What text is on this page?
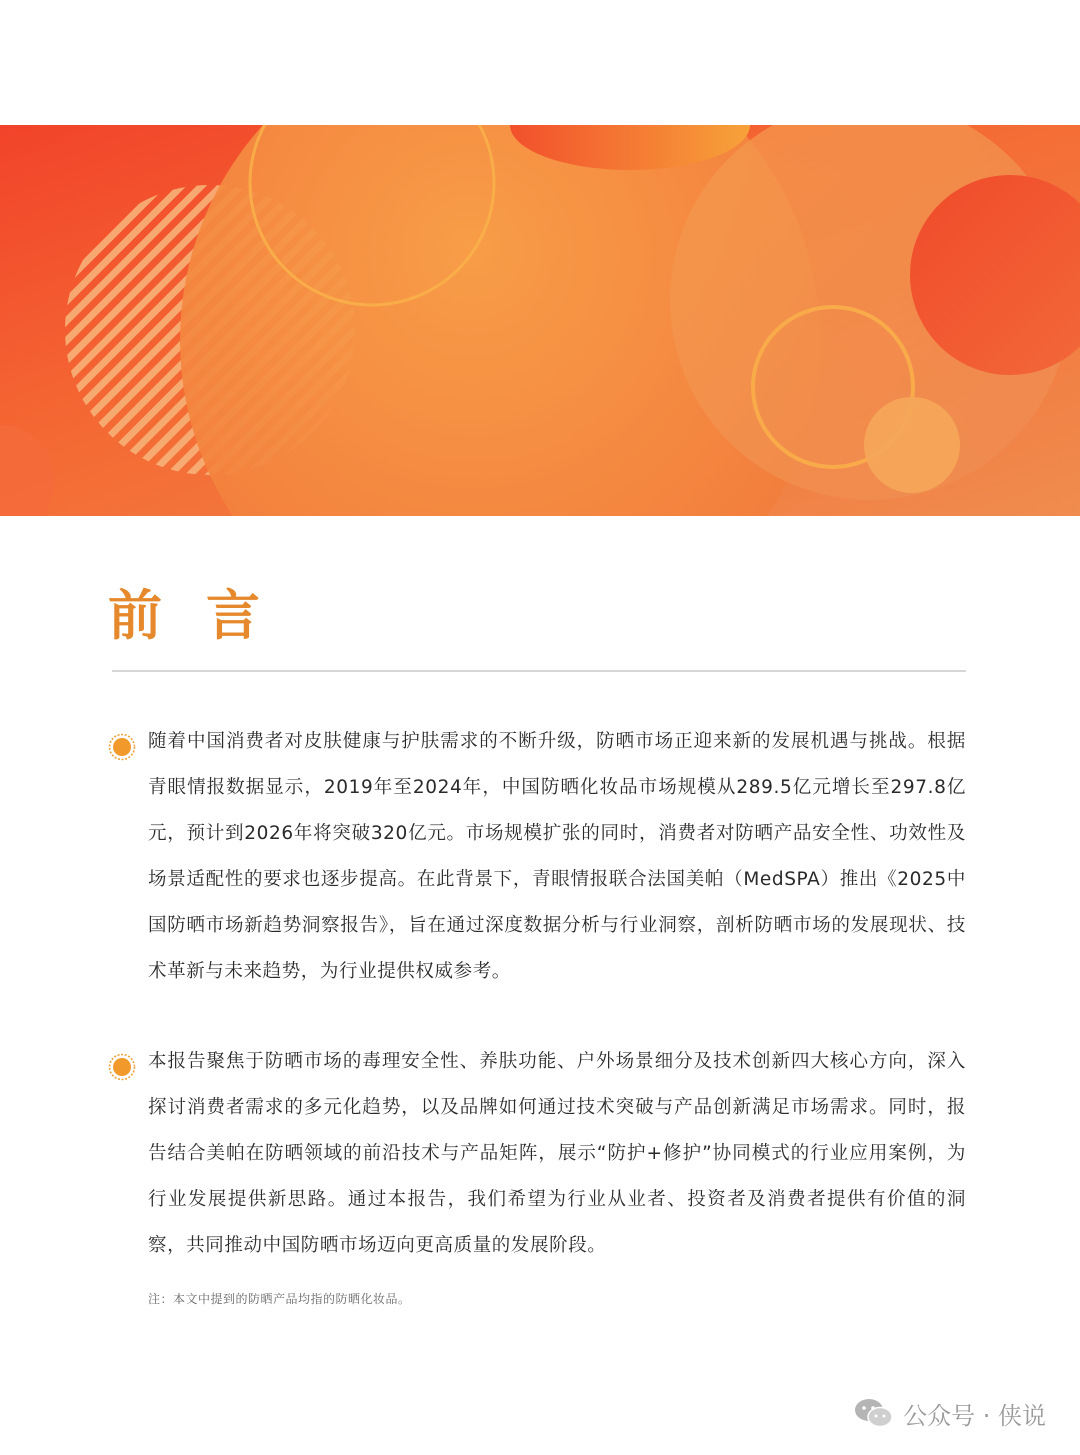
前言

随着中国消费者对皮肤健康与护肤需求的不断升级，防晒市场正迎来新的发展机遇与挑战。根据青眼情报数据显示，2019年至2024年，中国防晒化妆品市场规模从289.5亿元增长至297.8亿元，预计到2026年将突破320亿元。市场规模扩张的同时，消费者对防晒产品安全性、功效性及场景适配性的要求也逐步提高。在此背景下，青眼情报联合法国美帕（MedSPA）推出《2025中国防晒市场新趋势洞察报告》，旨在通过深度数据分析与行业洞察，剖析防晒市场的发展现状、技术革新与未来趋势，为行业提供权威参考。

本报告聚焦于防晒市场的毒理安全性、养肤功能、户外场景细分及技术创新四大核心方向，深入探讨消费者需求的多元化趋势，以及品牌如何通过技术突破与产品创新满足市场需求。同时，报告结合美帕在防晒领域的前沿技术与产品矩阵，展示“防护+修护”协同模式的行业应用案例，为行业发展提供新思路。通过本报告，我们希望为行业从业者、投资者及消费者提供有价值的洞察，共同推动中国防晒市场迈向更高质量的发展阶段。

注：本文中提到的防晒产品均指的防晒化妆品。
公众号 · 侠说
